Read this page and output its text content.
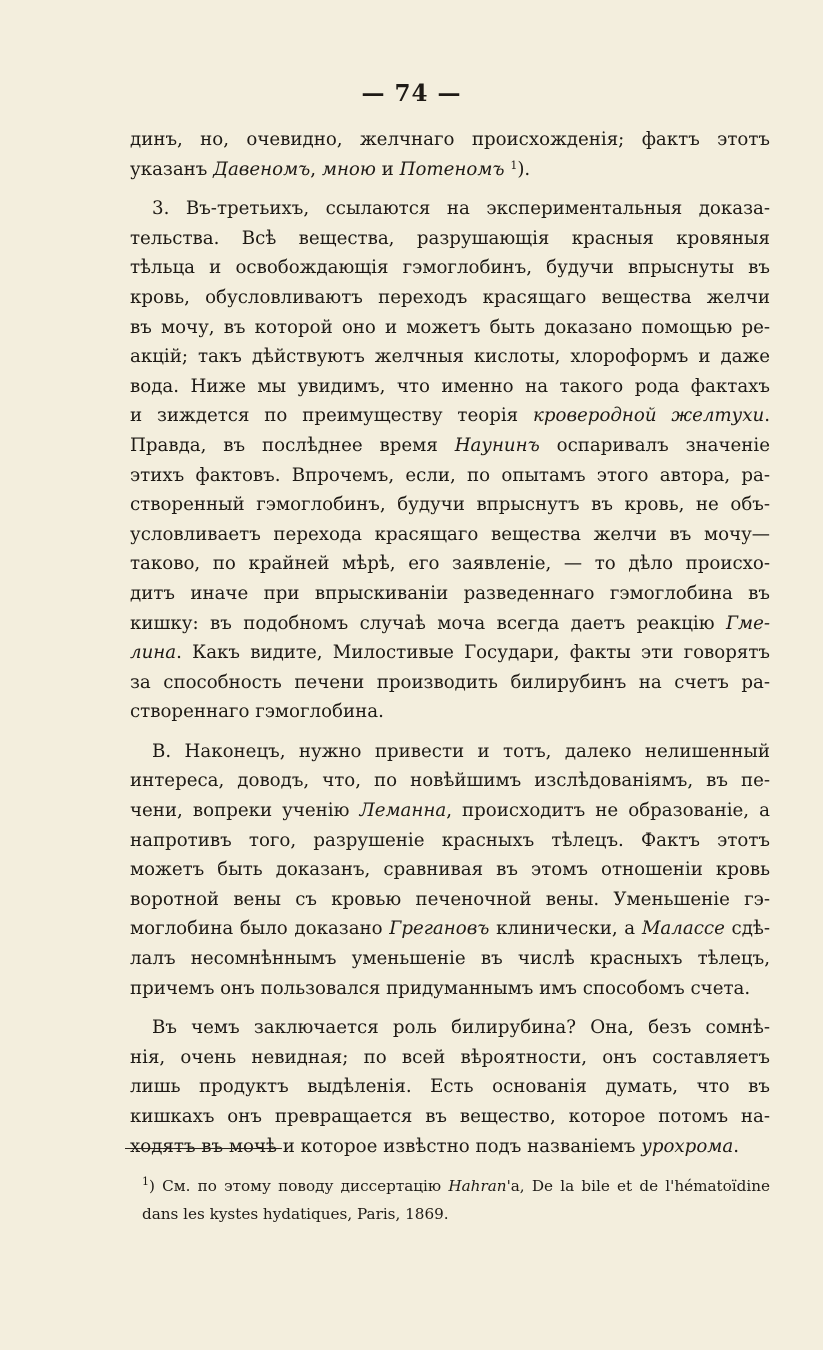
— 74 —
динъ, но, очевидно, желчнаго происхожденія; фактъ этотъ
указанъ Давеномъ, мною и Потеномъ $^1$).
3. Въ-третьихъ, ссылаются на экспериментальныя доказа-
тельства. Всѣ вещества, разрушающія красныя кровяныя
тѣльца и освобождающія гэмоглобинъ, будучи впрыснуты въ
кровь, обусловливаютъ переходъ красящаго вещества желчи
въ мочу, въ которой оно и можетъ быть доказано помощью ре-
акцій; такъ дѣйствуютъ желчныя кислоты, хлороформъ и даже
вода. Ниже мы увидимъ, что именно на такого рода фактахъ
и зиждется по преимуществу теорія кроверодной желтухи.
Правда, въ послѣднее время Наунинъ оспаривалъ значеніе
этихъ фактовъ. Впрочемъ, если, по опытамъ этого автора, ра-
створенный гэмоглобинъ, будучи впрыснутъ въ кровь, не объ-
условливаетъ перехода красящаго вещества желчи въ мочу—
таково, по крайней мѣрѣ, его заявленіе, — то дѣло происхо-
дитъ иначе при впрыскиваніи разведеннаго гэмоглобина въ
кишку: въ подобномъ случаѣ моча всегда даетъ реакцію Гме-
лина. Какъ видите, Милостивые Государи, факты эти говорятъ
за способность печени производить билирубинъ на счетъ ра-
створеннаго гэмоглобина.
В. Наконецъ, нужно привести и тотъ, далеко нелишенный
интереса, доводъ, что, по новѣйшимъ изслѣдованіямъ, въ пе-
чени, вопреки ученію Леманна, происходитъ не образованіе, а
напротивъ того, разрушеніе красныхъ тѣлецъ. Фактъ этотъ
можетъ быть доказанъ, сравнивая въ этомъ отношеніи кровь
воротной вены съ кровью печеночной вены. Уменьшеніе гэ-
моглобина было доказано Грегановъ клинически, а Малассе сдѣ-
лалъ несомнѣннымъ уменьшеніе въ числѣ красныхъ тѣлецъ,
причемъ онъ пользовался придуманнымъ имъ способомъ счета.
Въ чемъ заключается роль билирубина? Она, безъ сомнѣ-
нія, очень невидная; по всей вѣроятности, онъ составляетъ
лишь продуктъ выдѣленія. Есть основанія думать, что въ
кишкахъ онъ превращается въ вещество, которое потомъ на-
ходятъ въ мочѣ и которое извѣстно подъ названіемъ урохрома.
$^1$) См. по этому поводу диссертацію Hahran'а, De la bile et de l'hématoïdine dans les kystes hydatiques, Paris, 1869.
